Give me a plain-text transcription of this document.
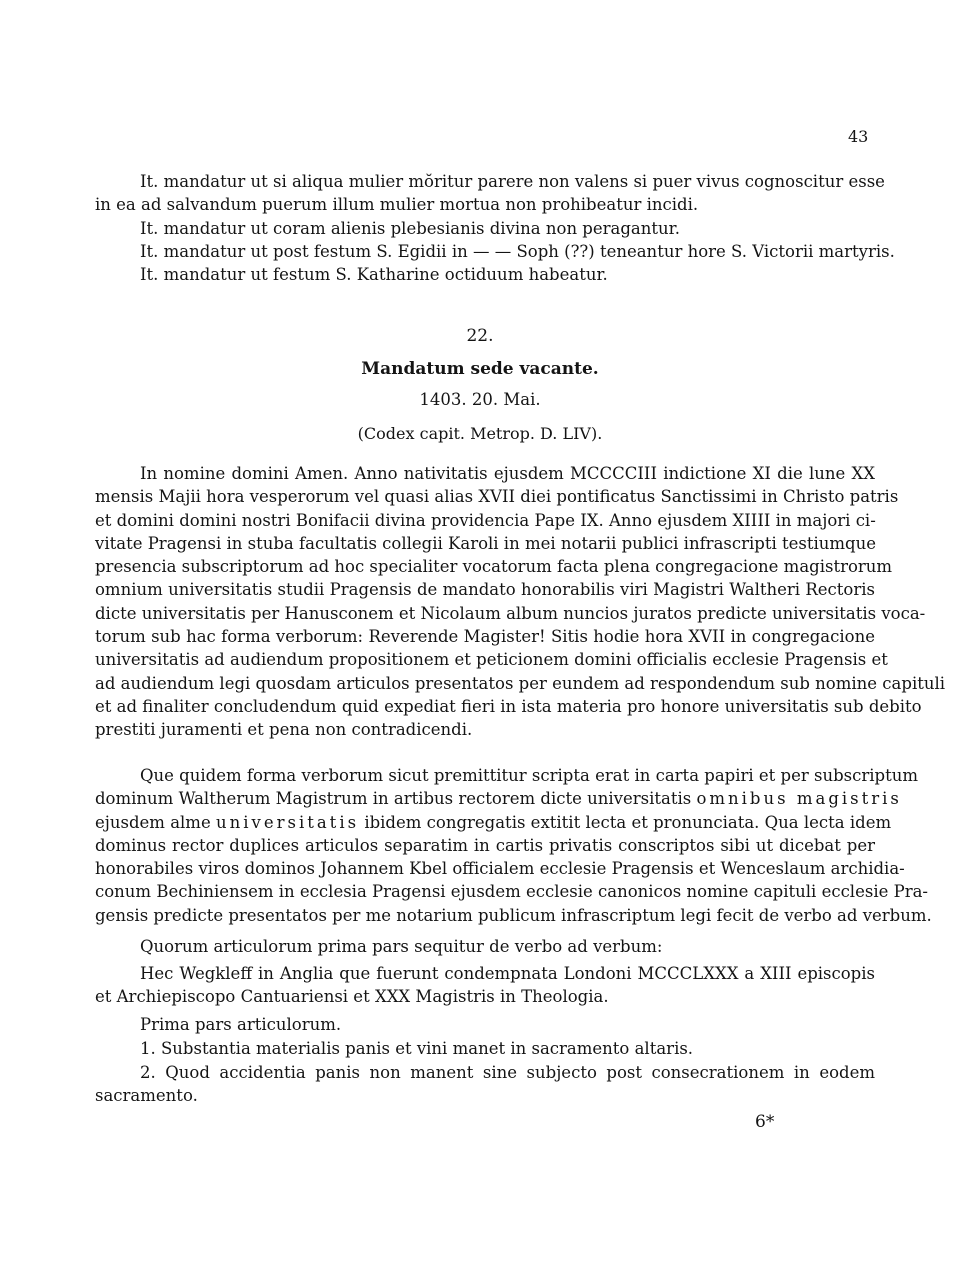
43
It. mandatur ut si aliqua mulier mŏritur parere non valens si puer vivus cognoscitur esse
in ea ad salvandum puerum illum mulier mortua non prohibeatur incidi.
It. mandatur ut coram alienis plebesianis divina non peragantur.
It. mandatur ut post festum S. Egidii in — — Soph (??) teneantur hore S. Victorii martyris.
It. mandatur ut festum S. Katharine octiduum habeatur.
22.
Mandatum sede vacante.
1403. 20. Mai.
(Codex capit. Metrop. D. LIV).
In nomine domini Amen. Anno nativitatis ejusdem MCCCCIII indictione XI die lune XX
mensis Majii hora vesperorum vel quasi alias XVII diei pontificatus Sanctissimi in Christo patris
et domini domini nostri Bonifacii divina providencia Pape IX. Anno ejusdem XIIII in majori ci-
vitate Pragensi in stuba facultatis collegii Karoli in mei notarii publici infrascripti testiumque
presencia subscriptorum ad hoc specialiter vocatorum facta plena congregacione magistrorum
omnium universitatis studii Pragensis de mandato honorabilis viri Magistri Waltheri Rectoris
dicte universitatis per Hanusconem et Nicolaum album nuncios juratos predicte universitatis voca-
torum sub hac forma verborum: Reverende Magister! Sitis hodie hora XVII in congregacione
universitatis ad audiendum propositionem et peticionem domini officialis ecclesie Pragensis et
ad audiendum legi quosdam articulos presentatos per eundem ad respondendum sub nomine capituli
et ad finaliter concludendum quid expediat fieri in ista materia pro honore universitatis sub debito
prestiti juramenti et pena non contradicendi.
Que quidem forma verborum sicut premittitur scripta erat in carta papiri et per subscriptum
dominum Waltherum Magistrum in artibus rectorem dicte universitatis omnibus magistris
ejusdem alme universitatis ibidem congregatis extitit lecta et pronunciata. Qua lecta idem
dominus rector duplices articulos separatim in cartis privatis conscriptos sibi ut dicebat per
honorabiles viros dominos Johannem Kbel officialem ecclesie Pragensis et Wenceslaum archidia-
conum Bechiniensem in ecclesia Pragensi ejusdem ecclesie canonicos nomine capituli ecclesie Pra-
gensis predicte presentatos per me notarium publicum infrascriptum legi fecit de verbo ad verbum.
Quorum articulorum prima pars sequitur de verbo ad verbum:
Hec Wegkleff in Anglia que fuerunt condempnata Londoni MCCCLXXX a XIII episcopis
et Archiepiscopo Cantuariensi et XXX Magistris in Theologia.
Prima pars articulorum.
1. Substantia materialis panis et vini manet in sacramento altaris.
2. Quod accidentia panis non manent sine subjecto post consecrationem in eodem
sacramento.
6*
